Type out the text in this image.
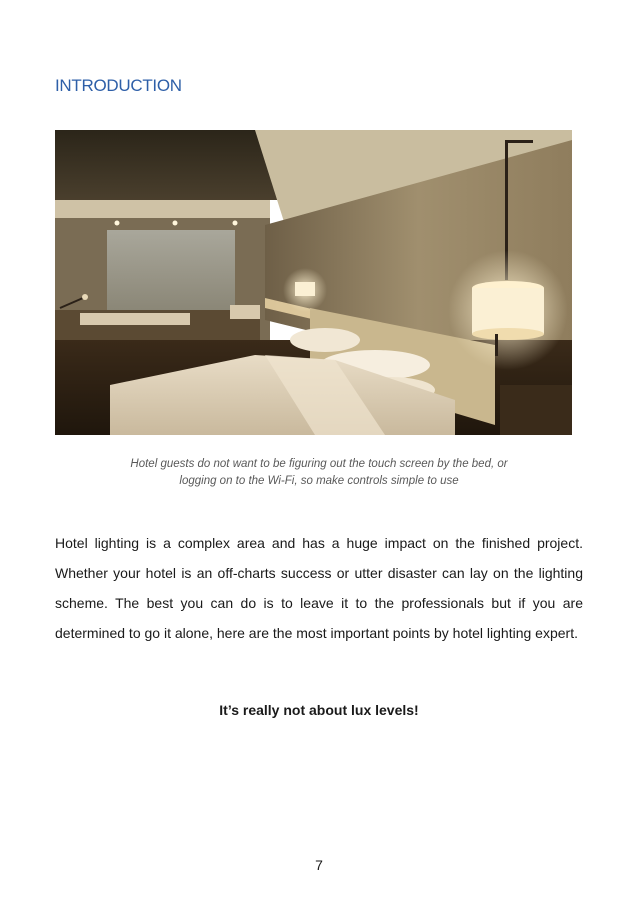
INTRODUCTION

Hotel guests do not want to be figuring out the touch screen by the bed, or logging on to the Wi-Fi, so make controls simple to use

Hotel lighting is a complex area and has a huge impact on the finished project. Whether your hotel is an off-charts success or utter disaster can lay on the lighting scheme. The best you can do is to leave it to the professionals but if you are determined to go it alone, here are the most important points by hotel lighting expert.

It’s really not about lux levels!

7
